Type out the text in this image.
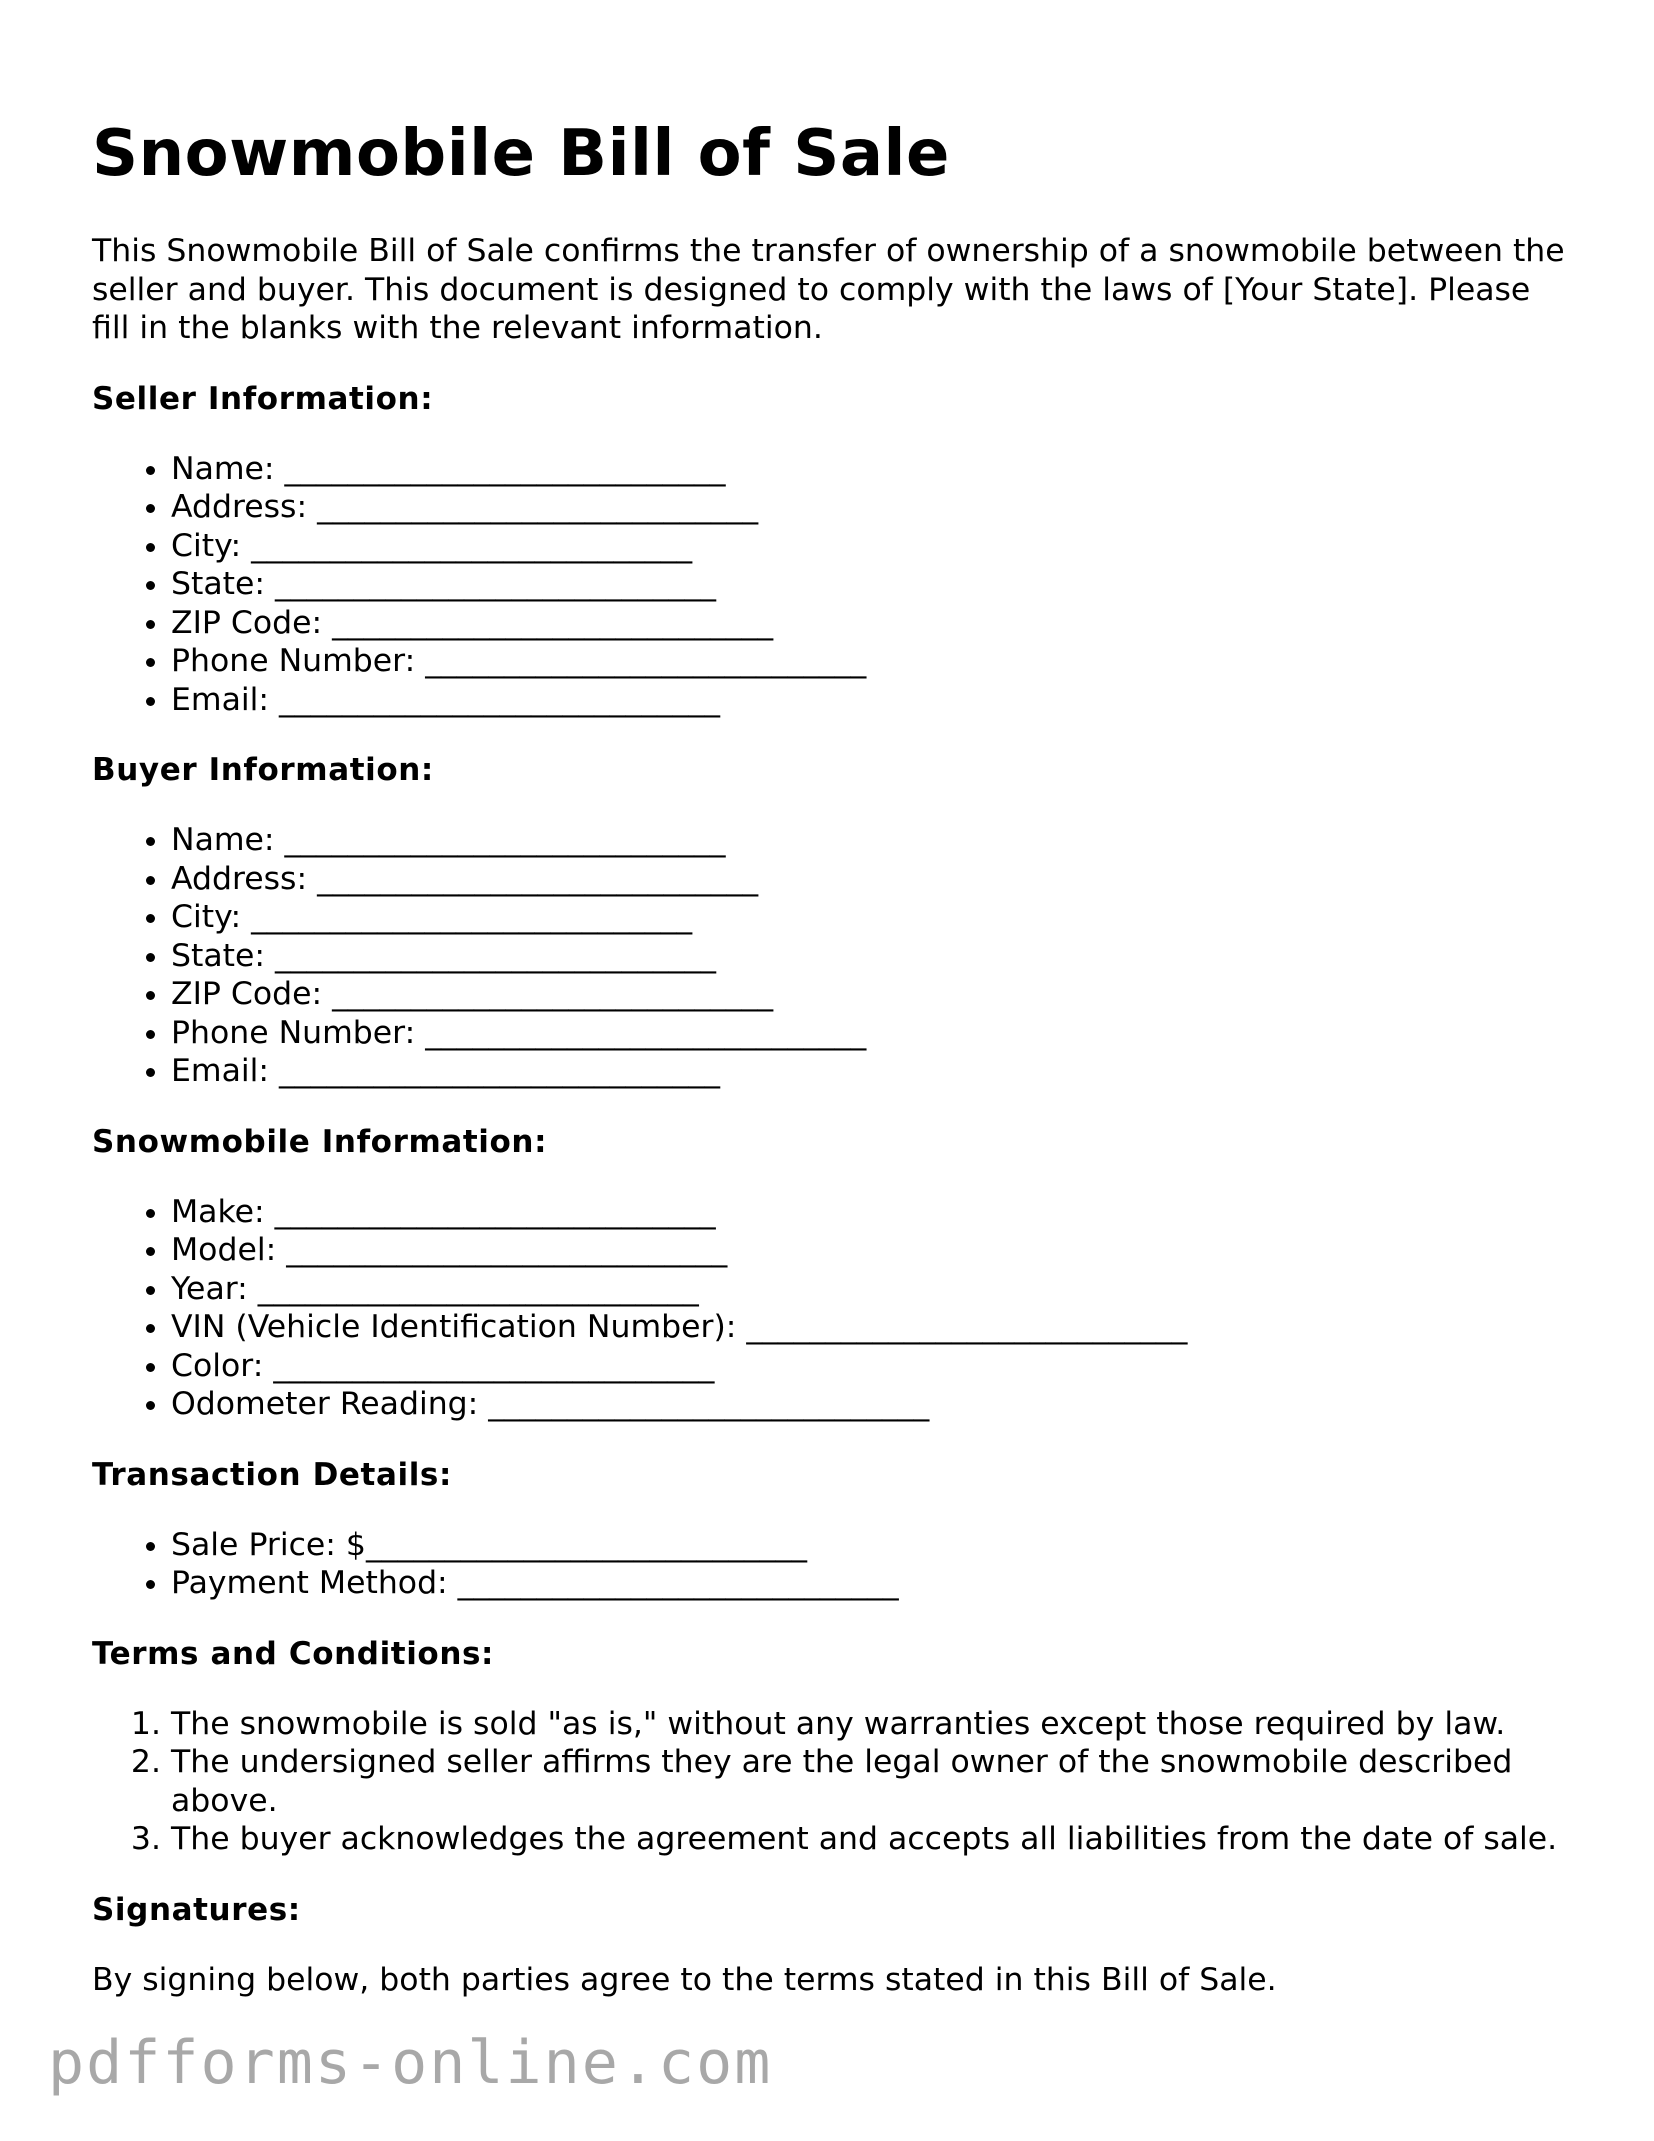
Snowmobile Bill of Sale

This Snowmobile Bill of Sale confirms the transfer of ownership of a snowmobile between the seller and buyer. This document is designed to comply with the laws of [Your State]. Please fill in the blanks with the relevant information.

Seller Information:
• Name: ____________________________
• Address: ____________________________
• City: ____________________________
• State: ____________________________
• ZIP Code: ____________________________
• Phone Number: ____________________________
• Email: ____________________________
Buyer Information:
• Name: ____________________________
• Address: ____________________________
• City: ____________________________
• State: ____________________________
• ZIP Code: ____________________________
• Phone Number: ____________________________
• Email: ____________________________
Snowmobile Information:
• Make: ____________________________
• Model: ____________________________
• Year: ____________________________
• VIN (Vehicle Identification Number): ____________________________
• Color: ____________________________
• Odometer Reading: ____________________________
Transaction Details:
• Sale Price: $____________________________
• Payment Method: ____________________________
Terms and Conditions:
1. The snowmobile is sold "as is," without any warranties except those required by law.
2. The undersigned seller affirms they are the legal owner of the snowmobile described above.
3. The buyer acknowledges the agreement and accepts all liabilities from the date of sale.
Signatures:

By signing below, both parties agree to the terms stated in this Bill of Sale.

pdfforms-online.com
